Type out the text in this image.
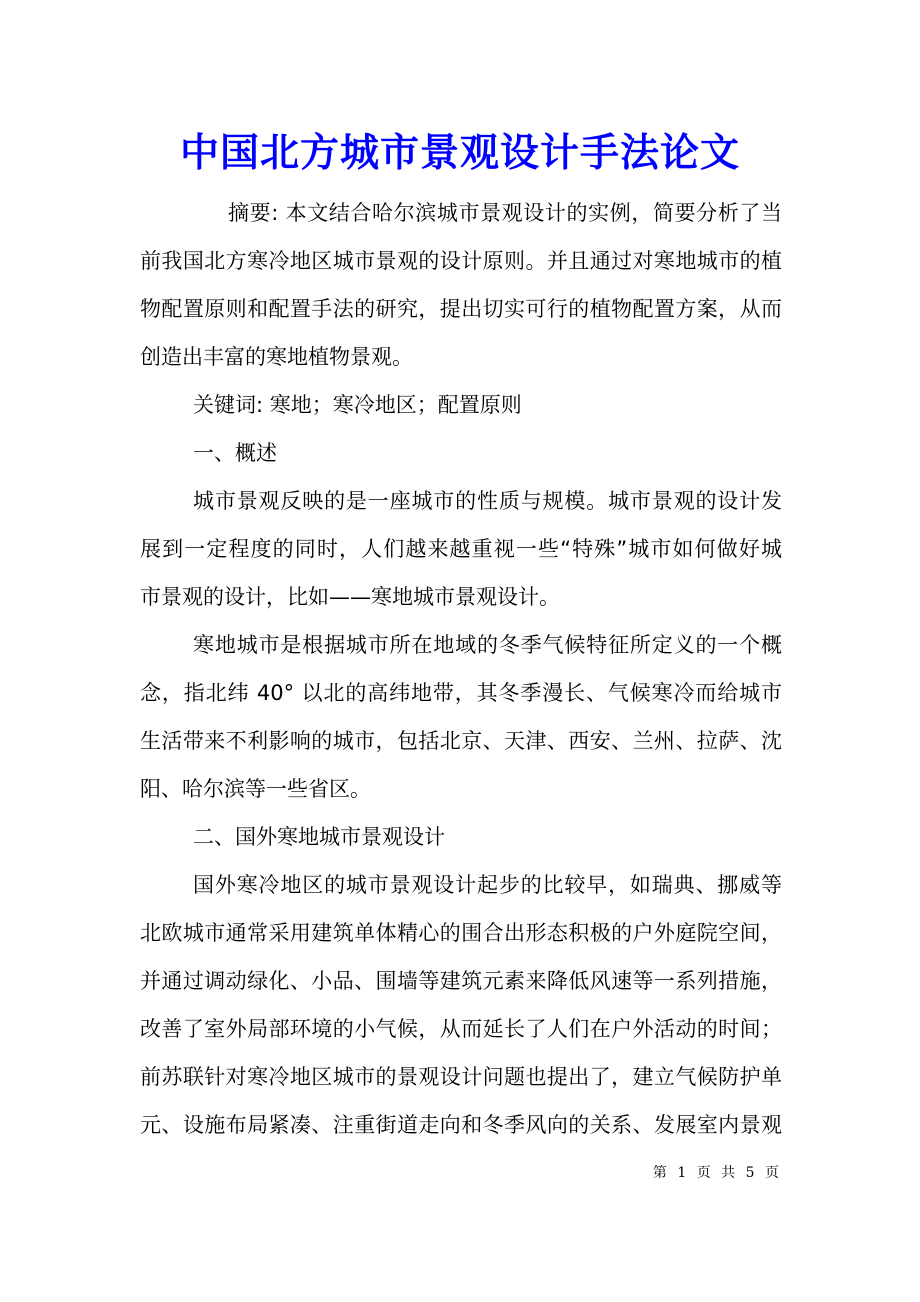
中国北方城市景观设计手法论文
摘要: 本文结合哈尔滨城市景观设计的实例，简要分析了当
前我国北方寒冷地区城市景观的设计原则。并且通过对寒地城市的植
物配置原则和配置手法的研究，提出切实可行的植物配置方案，从而
创造出丰富的寒地植物景观。
关键词: 寒地；寒冷地区；配置原则
一、概述
城市景观反映的是一座城市的性质与规模。城市景观的设计发
展到一定程度的同时，人们越来越重视一些“特殊”城市如何做好城
市景观的设计，比如——寒地城市景观设计。
寒地城市是根据城市所在地域的冬季气候特征所定义的一个概
念，指北纬 40° 以北的高纬地带，其冬季漫长、气候寒冷而给城市
生活带来不利影响的城市，包括北京、天津、西安、兰州、拉萨、沈
阳、哈尔滨等一些省区。
二、国外寒地城市景观设计
国外寒冷地区的城市景观设计起步的比较早，如瑞典、挪威等
北欧城市通常采用建筑单体精心的围合出形态积极的户外庭院空间，
并通过调动绿化、小品、围墙等建筑元素来降低风速等一系列措施，
改善了室外局部环境的小气候，从而延长了人们在户外活动的时间；
前苏联针对寒冷地区城市的景观设计问题也提出了，建立气候防护单
元、设施布局紧凑、注重街道走向和冬季风向的关系、发展室内景观
第 1 页 共 5 页
